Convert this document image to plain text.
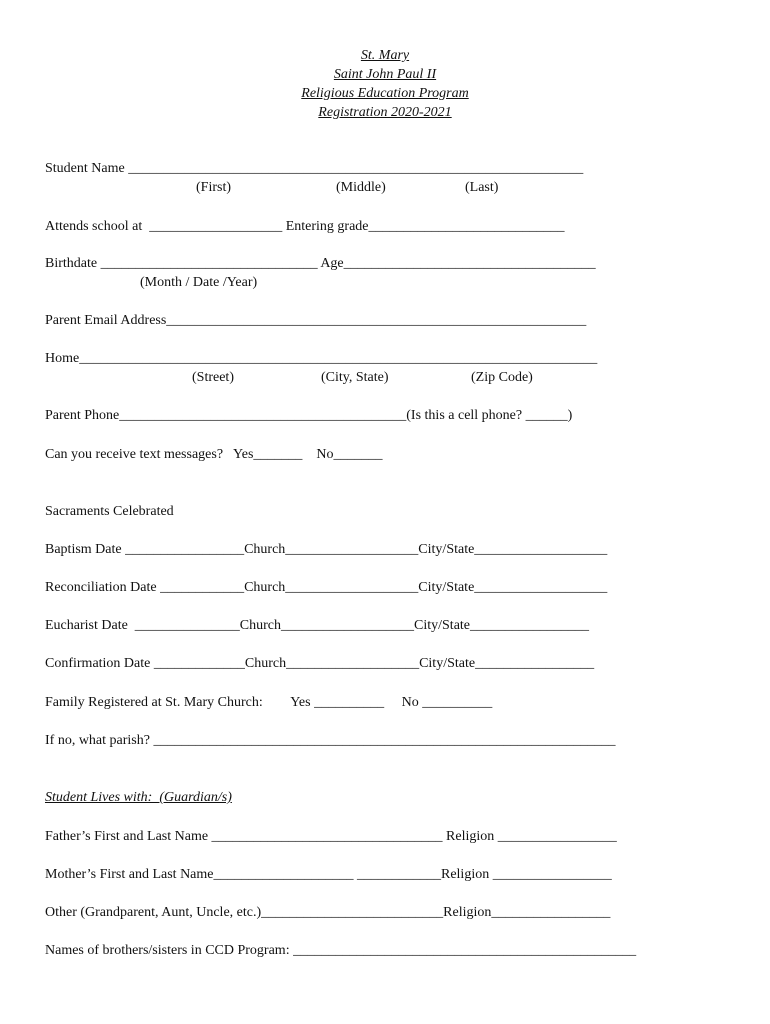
St. Mary
Saint John Paul II
Religious Education Program
Registration 2020-2021
Student Name _________________________________________________________________
(First)	(Middle)	(Last)
Attends school at  ___________________ Entering grade____________________________
Birthdate _______________________________ Age____________________________________
(Month / Date /Year)
Parent Email Address____________________________________________________________
Home__________________________________________________________________________
(Street)	(City, State)	(Zip Code)
Parent Phone_________________________________________(Is this a cell phone? ______)
Can you receive text messages?   Yes_______    No_______
Sacraments Celebrated
Baptism Date _________________Church___________________City/State___________________
Reconciliation Date ____________Church___________________City/State___________________
Eucharist Date  _______________Church___________________City/State_________________
Confirmation Date _____________Church___________________City/State_________________
Family Registered at St. Mary Church:        Yes __________     No __________
If no, what parish? __________________________________________________________________
Student Lives with:  (Guardian/s)
Father’s First and Last Name _________________________________ Religion _________________
Mother’s First and Last Name____________________ ____________Religion _________________
Other (Grandparent, Aunt, Uncle, etc.)__________________________Religion_________________
Names of brothers/sisters in CCD Program: _________________________________________________
